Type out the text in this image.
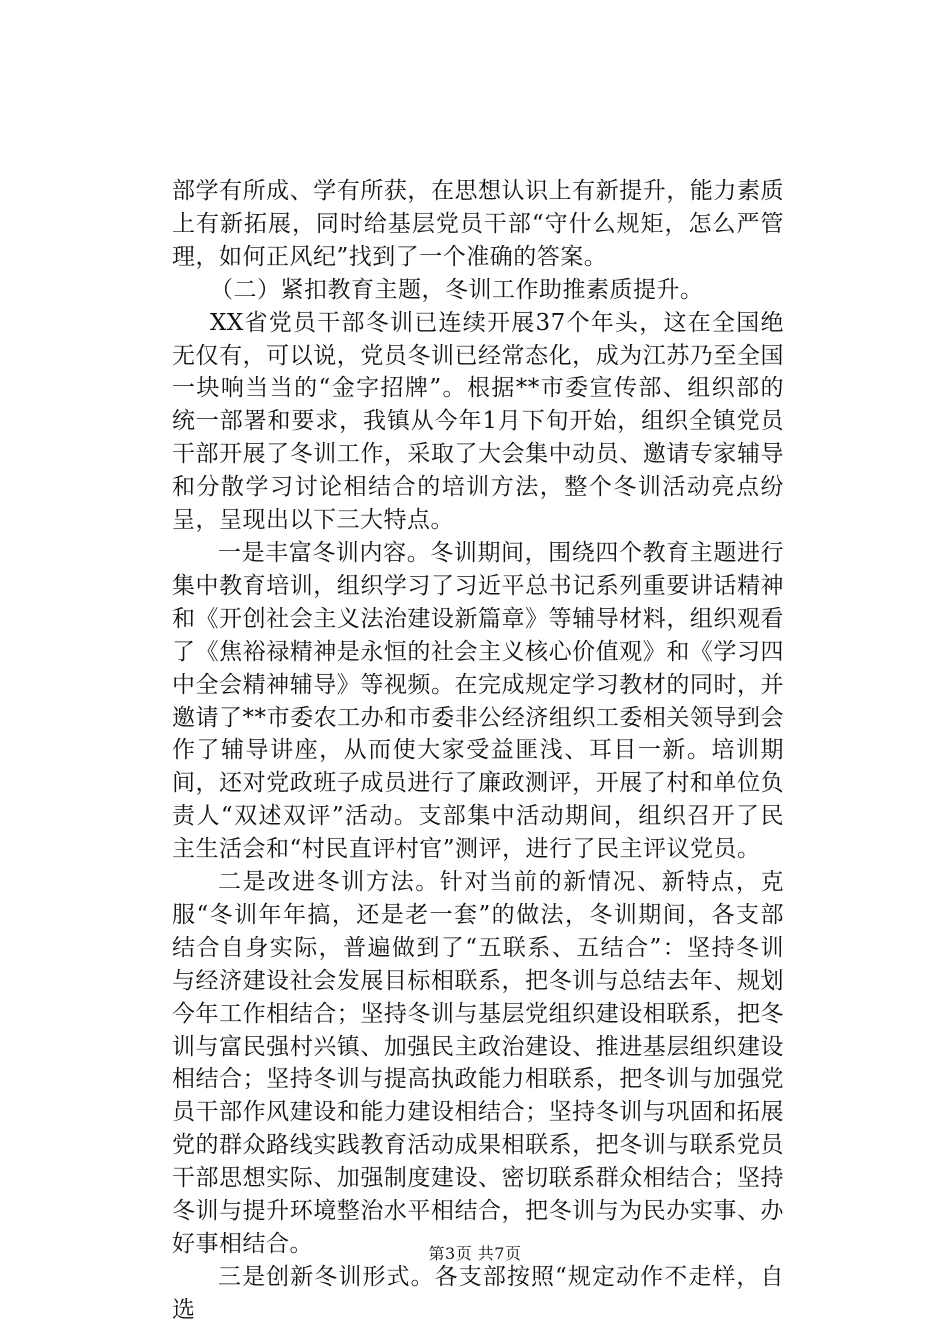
部学有所成、学有所获，在思想认识上有新提升，能力素质上有新拓展，同时给基层党员干部“守什么规矩，怎么严管理，如何正风纪”找到了一个准确的答案。

（二）紧扣教育主题，冬训工作助推素质提升。

XX省党员干部冬训已连续开展37个年头，这在全国绝无仅有，可以说，党员冬训已经常态化，成为江苏乃至全国一块响当当的“金字招牌”。根据**市委宣传部、组织部的统一部署和要求，我镇从今年1月下旬开始，组织全镇党员干部开展了冬训工作，采取了大会集中动员、邀请专家辅导和分散学习讨论相结合的培训方法，整个冬训活动亮点纷呈，呈现出以下三大特点。

一是丰富冬训内容。冬训期间，围绕四个教育主题进行集中教育培训，组织学习了习近平总书记系列重要讲话精神和《开创社会主义法治建设新篇章》等辅导材料，组织观看了《焦裕禄精神是永恒的社会主义核心价值观》和《学习四中全会精神辅导》等视频。在完成规定学习教材的同时，并邀请了**市委农工办和市委非公经济组织工委相关领导到会作了辅导讲座，从而使大家受益匪浅、耳目一新。培训期间，还对党政班子成员进行了廉政测评，开展了村和单位负责人“双述双评”活动。支部集中活动期间，组织召开了民主生活会和“村民直评村官”测评，进行了民主评议党员。

二是改进冬训方法。针对当前的新情况、新特点，克服“冬训年年搞，还是老一套”的做法，冬训期间，各支部结合自身实际，普遍做到了“五联系、五结合”：坚持冬训与经济建设社会发展目标相联系，把冬训与总结去年、规划今年工作相结合；坚持冬训与基层党组织建设相联系，把冬训与富民强村兴镇、加强民主政治建设、推进基层组织建设相结合；坚持冬训与提高执政能力相联系，把冬训与加强党员干部作风建设和能力建设相结合；坚持冬训与巩固和拓展党的群众路线实践教育活动成果相联系，把冬训与联系党员干部思想实际、加强制度建设、密切联系群众相结合；坚持冬训与提升环境整治水平相结合，把冬训与为民办实事、办好事相结合。

三是创新冬训形式。各支部按照“规定动作不走样，自选

第3页 共7页
